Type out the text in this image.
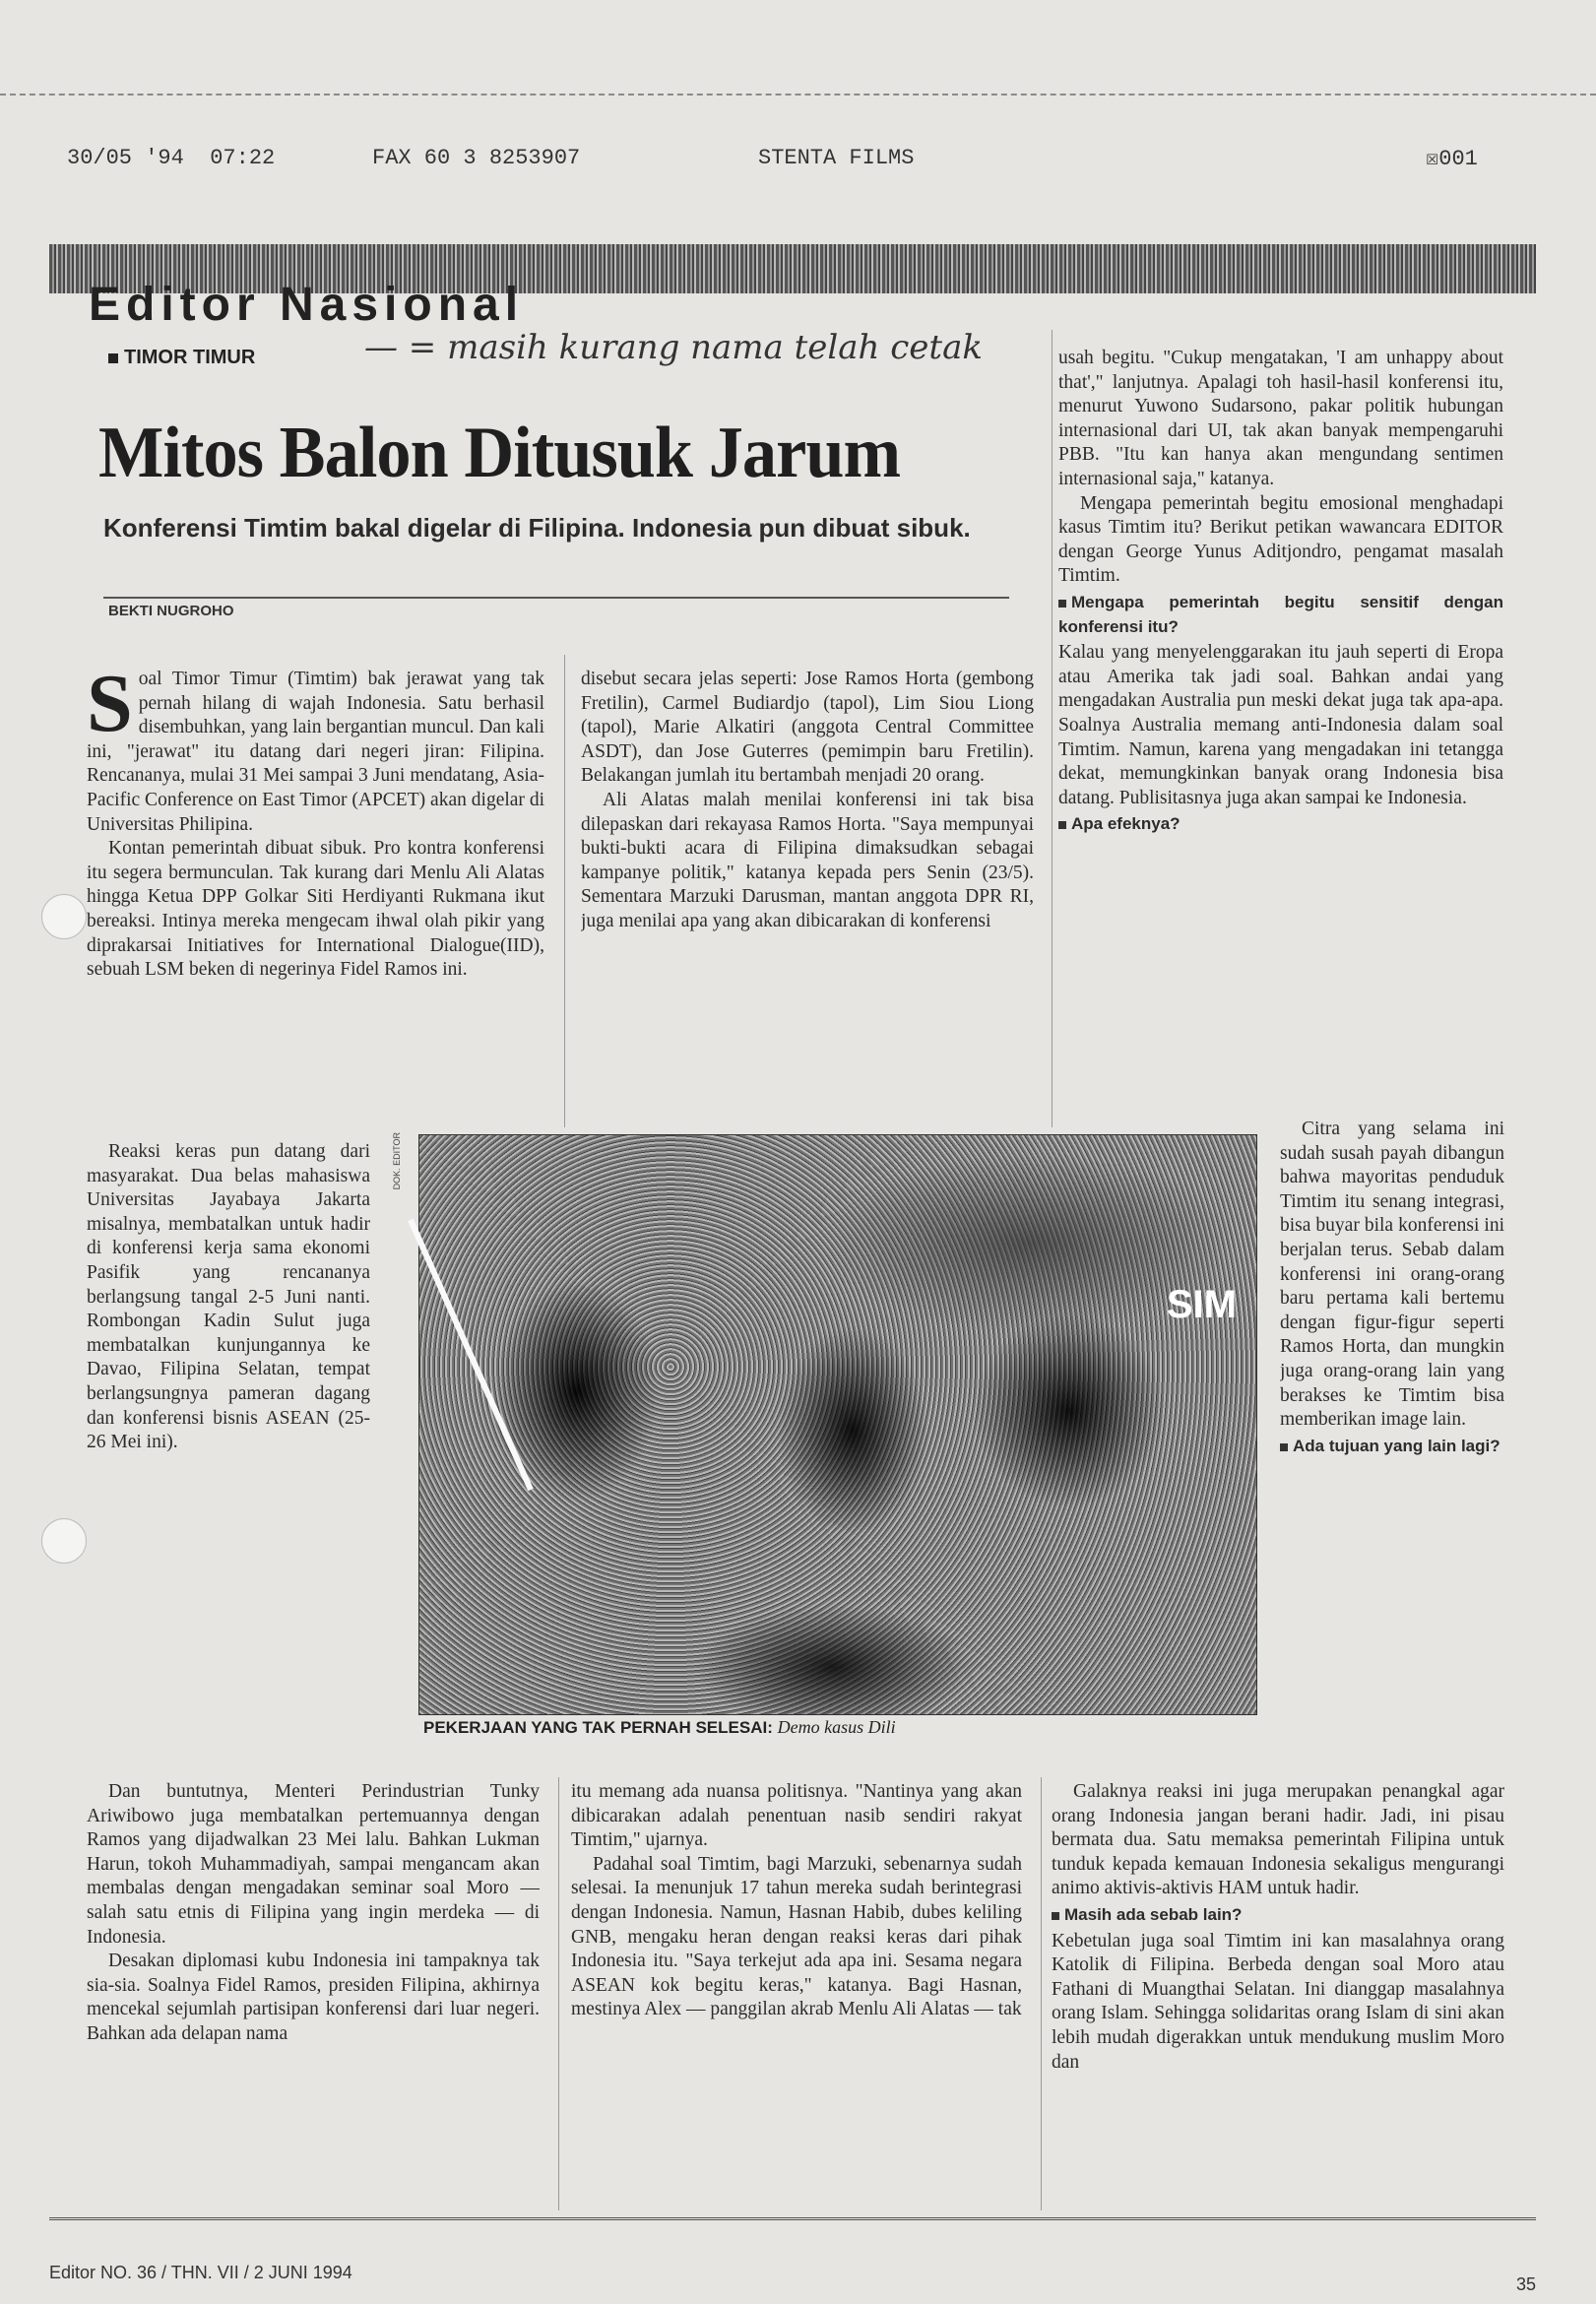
30/05 '94  07:22	FAX 60 3 8253907	STENTA FILMS	☒001
Editor Nasional
— = masih kurang nama telah cetak
TIMOR TIMUR
Mitos Balon Ditusuk Jarum
Konferensi Timtim bakal digelar di Filipina. Indonesia pun dibuat sibuk.
BEKTI NUGROHO
S oal Timor Timur (Timtim) bak jerawat yang tak pernah hilang di wajah Indonesia. Satu berhasil disembuhkan, yang lain bergantian muncul. Dan kali ini, "jerawat" itu datang dari negeri jiran: Filipina. Rencananya, mulai 31 Mei sampai 3 Juni mendatang, Asia-Pacific Conference on East Timor (APCET) akan digelar di Universitas Philipina.

Kontan pemerintah dibuat sibuk. Pro kontra konferensi itu segera bermunculan. Tak kurang dari Menlu Ali Alatas hingga Ketua DPP Golkar Siti Herdiyanti Rukmana ikut bereaksi. Intinya mereka mengecam ihwal olah pikir yang diprakarsai Initiatives for International Dialogue(IID), sebuah LSM beken di negerinya Fidel Ramos ini.

Reaksi keras pun datang dari masyarakat. Dua belas mahasiswa Universitas Jayabaya Jakarta misalnya, membatalkan untuk hadir di konferensi kerja sama ekonomi Pasifik yang rencananya berlangsung tangal 2-5 Juni nanti. Rombongan Kadin Sulut juga membatalkan kunjungannya ke Davao, Filipina Selatan, tempat berlangsungnya pameran dagang dan konferensi bisnis ASEAN (25-26 Mei ini).

Dan buntutnya, Menteri Perindustrian Tunky Ariwibowo juga membatalkan pertemuannya dengan Ramos yang dijadwalkan 23 Mei lalu. Bahkan Lukman Harun, tokoh Muhammadiyah, sampai mengancam akan membalas dengan mengadakan seminar soal Moro — salah satu etnis di Filipina yang ingin merdeka — di Indonesia.

Desakan diplomasi kubu Indonesia ini tampaknya tak sia-sia. Soalnya Fidel Ramos, presiden Filipina, akhirnya mencekal sejumlah partisipan konferensi dari luar negeri. Bahkan ada delapan nama

disebut secara jelas seperti: Jose Ramos Horta (gembong Fretilin), Carmel Budiardjo (tapol), Lim Siou Liong (tapol), Marie Alkatiri (anggota Central Committee ASDT), dan Jose Guterres (pemimpin baru Fretilin). Belakangan jumlah itu bertambah menjadi 20 orang.

Ali Alatas malah menilai konferensi ini tak bisa dilepaskan dari rekayasa Ramos Horta. "Saya mempunyai bukti-bukti acara di Filipina dimaksudkan sebagai kampanye politik," katanya kepada pers Senin (23/5). Sementara Marzuki Darusman, mantan anggota DPR RI, juga menilai apa yang akan dibicarakan di konferensi

itu memang ada nuansa politisnya. "Nantinya yang akan dibicarakan adalah penentuan nasib sendiri rakyat Timtim," ujarnya.

Padahal soal Timtim, bagi Marzuki, sebenarnya sudah selesai. Ia menunjuk 17 tahun mereka sudah berintegrasi dengan Indonesia. Namun, Hasnan Habib, dubes keliling GNB, mengaku heran dengan reaksi keras dari pihak Indonesia itu. "Saya terkejut ada apa ini. Sesama negara ASEAN kok begitu keras," katanya. Bagi Hasnan, mestinya Alex — panggilan akrab Menlu Ali Alatas — tak

usah begitu. "Cukup mengatakan, 'I am unhappy about that'," lanjutnya. Apalagi toh hasil-hasil konferensi itu, menurut Yuwono Sudarsono, pakar politik hubungan internasional dari UI, tak akan banyak mempengaruhi PBB. "Itu kan hanya akan mengundang sentimen internasional saja," katanya.

Mengapa pemerintah begitu emosional menghadapi kasus Timtim itu? Berikut petikan wawancara EDITOR dengan George Yunus Aditjondro, pengamat masalah Timtim.

Mengapa pemerintah begitu sensitif dengan konferensi itu?

Kalau yang menyelenggarakan itu jauh seperti di Eropa atau Amerika tak jadi soal. Bahkan andai yang mengadakan Australia pun meski dekat juga tak apa-apa. Soalnya Australia memang anti-Indonesia dalam soal Timtim. Namun, karena yang mengadakan ini tetangga dekat, memungkinkan banyak orang Indonesia bisa datang. Publisitasnya juga akan sampai ke Indonesia.

Apa efeknya?

Citra yang selama ini sudah susah payah dibangun bahwa mayoritas penduduk Timtim itu senang integrasi, bisa buyar bila konferensi ini berjalan terus. Sebab dalam konferensi ini orang-orang baru pertama kali bertemu dengan figur-figur seperti Ramos Horta, dan mungkin juga orang-orang lain yang berakses ke Timtim bisa memberikan image lain.

Ada tujuan yang lain lagi?

Galaknya reaksi ini juga merupakan penangkal agar orang Indonesia jangan berani hadir. Jadi, ini pisau bermata dua. Satu memaksa pemerintah Filipina untuk tunduk kepada kemauan Indonesia sekaligus mengurangi animo aktivis-aktivis HAM untuk hadir.

Masih ada sebab lain?

Kebetulan juga soal Timtim ini kan masalahnya orang Katolik di Filipina. Berbeda dengan soal Moro atau Fathani di Muangthai Selatan. Ini dianggap masalahnya orang Islam. Sehingga solidaritas orang Islam di sini akan lebih mudah digerakkan untuk mendukung muslim Moro dan

DOK. EDITOR
SIM
PEKERJAAN YANG TAK PERNAH SELESAI: Demo kasus Dili
Editor NO. 36 / THN. VII / 2 JUNI 1994
35
